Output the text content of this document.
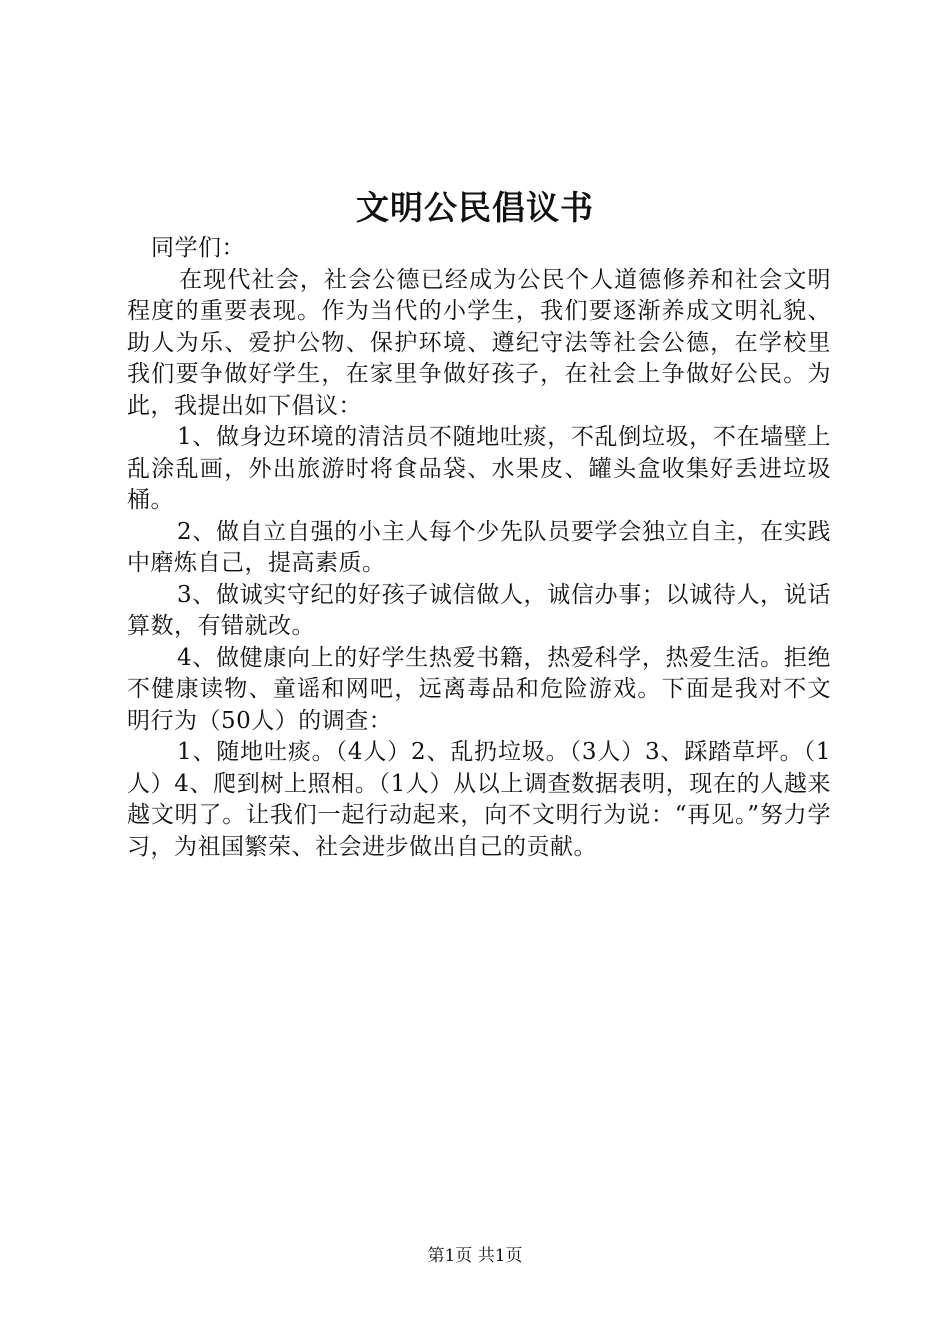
文明公民倡议书

同学们：

在现代社会，社会公德已经成为公民个人道德修养和社会文明程度的重要表现。作为当代的小学生，我们要逐渐养成文明礼貌、助人为乐、爱护公物、保护环境、遵纪守法等社会公德，在学校里我们要争做好学生，在家里争做好孩子，在社会上争做好公民。为此，我提出如下倡议：

1、做身边环境的清洁员不随地吐痰，不乱倒垃圾，不在墙壁上乱涂乱画，外出旅游时将食品袋、水果皮、罐头盒收集好丢进垃圾桶。

2、做自立自强的小主人每个少先队员要学会独立自主，在实践中磨炼自己，提高素质。

3、做诚实守纪的好孩子诚信做人，诚信办事；以诚待人，说话算数，有错就改。

4、做健康向上的好学生热爱书籍，热爱科学，热爱生活。拒绝不健康读物、童谣和网吧，远离毒品和危险游戏。下面是我对不文明行为（50人）的调查：

1、随地吐痰。（4人）2、乱扔垃圾。（3人）3、踩踏草坪。（1人）4、爬到树上照相。（1人）从以上调查数据表明，现在的人越来越文明了。让我们一起行动起来，向不文明行为说：“再见。”努力学习，为祖国繁荣、社会进步做出自己的贡献。

第1页 共1页
